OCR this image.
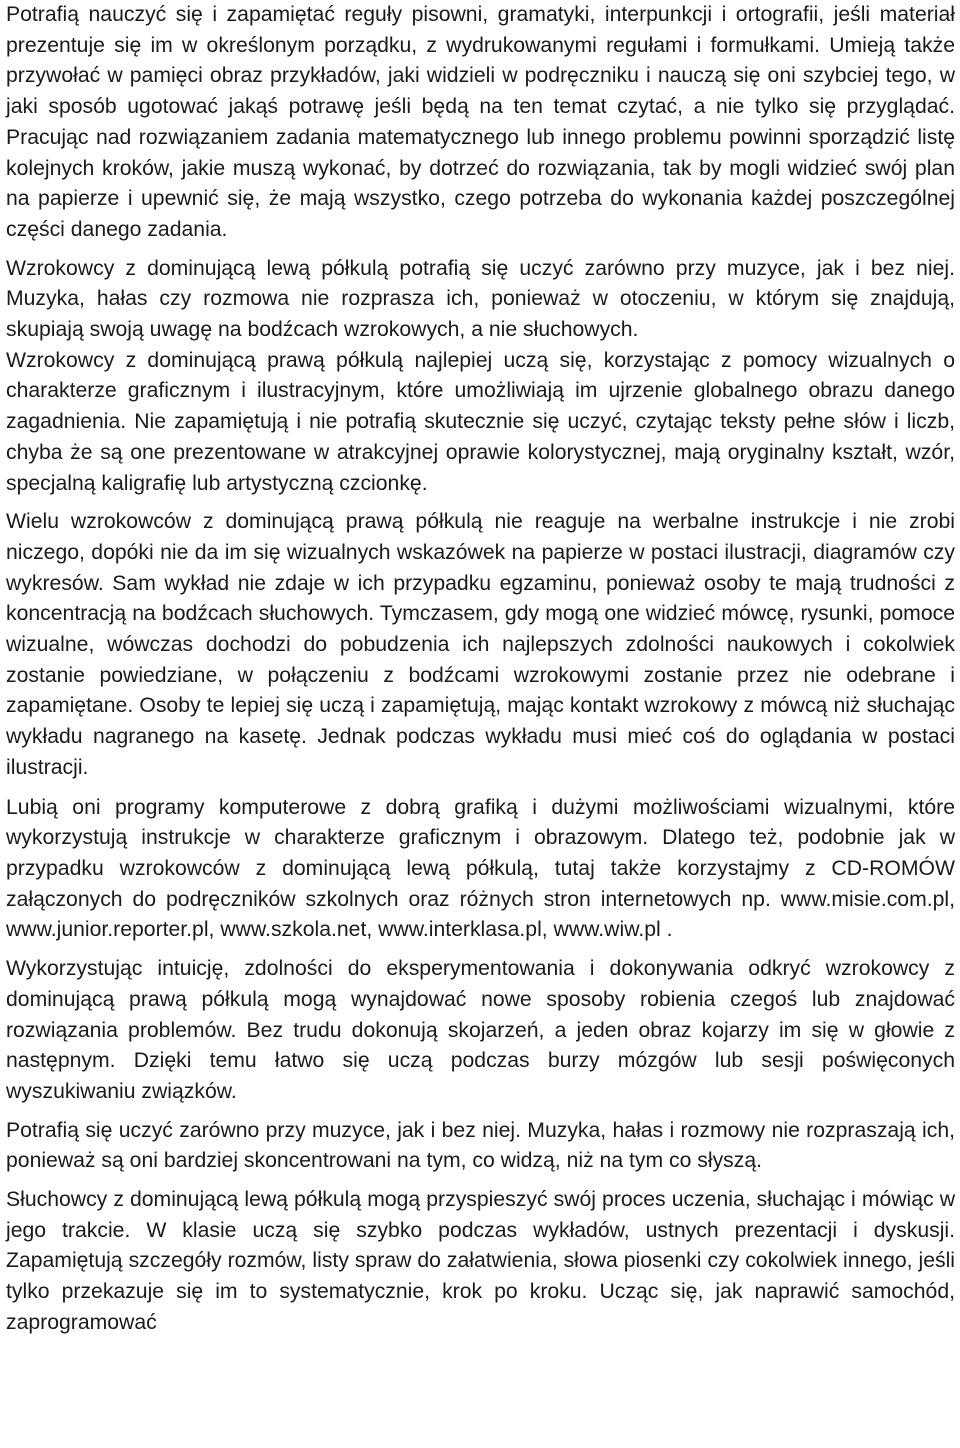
Potrafią nauczyć się i zapamiętać reguły pisowni, gramatyki, interpunkcji i ortografii, jeśli materiał prezentuje się im w określonym porządku, z wydrukowanymi regułami i formułkami. Umieją także przywołać w pamięci obraz przykładów, jaki widzieli w podręczniku i nauczą się oni szybciej tego, w jaki sposób ugotować jakąś potrawę jeśli będą na ten temat czytać, a nie tylko się przyglądać. Pracując nad rozwiązaniem zadania matematycznego lub innego problemu powinni sporządzić listę kolejnych kroków, jakie muszą wykonać, by dotrzeć do rozwiązania, tak by mogli widzieć swój plan na papierze i upewnić się, że mają wszystko, czego potrzeba do wykonania każdej poszczególnej części danego zadania.

Wzrokowcy z dominującą lewą półkulą potrafią się uczyć zarówno przy muzyce, jak i bez niej. Muzyka, hałas czy rozmowa nie rozprasza ich, ponieważ w otoczeniu, w którym się znajdują, skupiają swoją uwagę na bodźcach wzrokowych, a nie słuchowych.

Wzrokowcy z dominującą prawą półkulą najlepiej uczą się, korzystając z pomocy wizualnych o charakterze graficznym i ilustracyjnym, które umożliwiają im ujrzenie globalnego obrazu danego zagadnienia. Nie zapamiętują i nie potrafią skutecznie się uczyć, czytając teksty pełne słów i liczb, chyba że są one prezentowane w atrakcyjnej oprawie kolorystycznej, mają oryginalny kształt, wzór, specjalną kaligrafię lub artystyczną czcionkę.

Wielu wzrokowców z dominującą prawą półkulą nie reaguje na werbalne instrukcje i nie zrobi niczego, dopóki nie da im się wizualnych wskazówek na papierze w postaci ilustracji, diagramów czy wykresów. Sam wykład nie zdaje w ich przypadku egzaminu, ponieważ osoby te mają trudności z koncentracją na bodźcach słuchowych. Tymczasem, gdy mogą one widzieć mówcę, rysunki, pomoce wizualne, wówczas dochodzi do pobudzenia ich najlepszych zdolności naukowych i cokolwiek zostanie powiedziane, w połączeniu z bodźcami wzrokowymi zostanie przez nie odebrane i zapamiętane. Osoby te lepiej się uczą i zapamiętują, mając kontakt wzrokowy z mówcą niż słuchając wykładu nagranego na kasetę. Jednak podczas wykładu musi mieć coś do oglądania w postaci ilustracji.

Lubią oni programy komputerowe z dobrą grafiką i dużymi możliwościami wizualnymi, które wykorzystują instrukcje w charakterze graficznym i obrazowym. Dlatego też, podobnie jak w przypadku wzrokowców z dominującą lewą półkulą, tutaj także korzystajmy z CD-ROMÓW załączonych do podręczników szkolnych oraz różnych stron internetowych np. www.misie.com.pl, www.junior.reporter.pl, www.szkola.net, www.interklasa.pl, www.wiw.pl .

Wykorzystując intuicję, zdolności do eksperymentowania i dokonywania odkryć wzrokowcy z dominującą prawą półkulą mogą wynajdować nowe sposoby robienia czegoś lub znajdować rozwiązania problemów. Bez trudu dokonują skojarzeń, a jeden obraz kojarzy im się w głowie z następnym. Dzięki temu łatwo się uczą podczas burzy mózgów lub sesji poświęconych wyszukiwaniu związków.

Potrafią się uczyć zarówno przy muzyce, jak i bez niej. Muzyka, hałas i rozmowy nie rozpraszają ich, ponieważ są oni bardziej skoncentrowani na tym, co widzą, niż na tym co słyszą.

Słuchowcy z dominującą lewą półkulą mogą przyspieszyć swój proces uczenia, słuchając i mówiąc w jego trakcie. W klasie uczą się szybko podczas wykładów, ustnych prezentacji i dyskusji. Zapamiętują szczegóły rozmów, listy spraw do załatwienia, słowa piosenki czy cokolwiek innego, jeśli tylko przekazuje się im to systematycznie, krok po kroku. Ucząc się, jak naprawić samochód, zaprogramować
